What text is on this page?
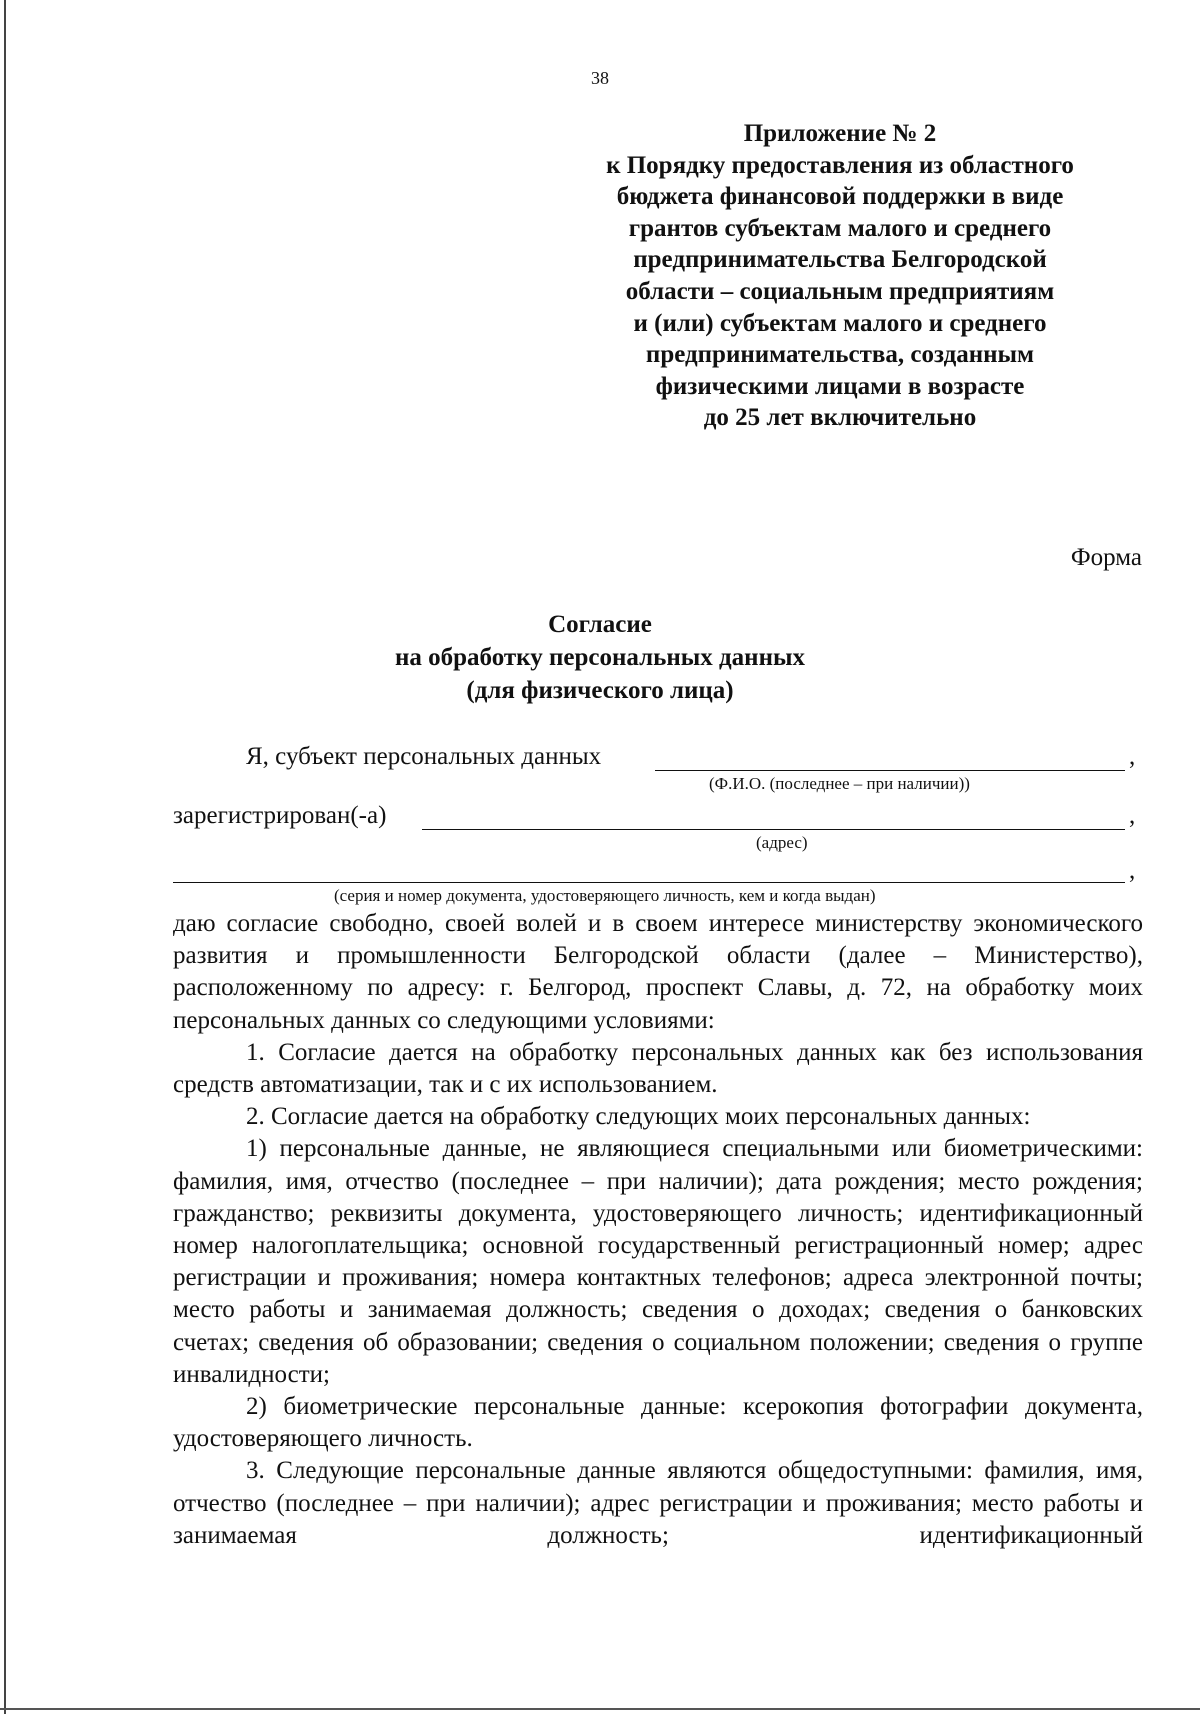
38
Приложение № 2
к Порядку предоставления из областного
бюджета финансовой поддержки в виде
грантов субъектам малого и среднего
предпринимательства Белгородской
области – социальным предприятиям
и (или) субъектам малого и среднего
предпринимательства, созданным
физическими лицами в возрасте
до 25 лет включительно
Форма
Согласие
на обработку персональных данных
(для физического лица)
Я, субъект персональных данных	,
(Ф.И.О. (последнее – при наличии))
зарегистрирован(-а)	,
(адрес)
,
(серия и номер документа, удостоверяющего личность, кем и когда выдан)

даю согласие свободно, своей волей и в своем интересе министерству экономического развития и промышленности Белгородской области (далее – Министерство), расположенному по адресу: г. Белгород, проспект Славы, д. 72, на обработку моих персональных данных со следующими условиями:

1. Согласие дается на обработку персональных данных как без использования средств автоматизации, так и с их использованием.

2. Согласие дается на обработку следующих моих персональных данных:

1) персональные данные, не являющиеся специальными или биометрическими: фамилия, имя, отчество (последнее – при наличии); дата рождения; место рождения; гражданство; реквизиты документа, удостоверяющего личность; идентификационный номер налогоплательщика; основной государственный регистрационный номер; адрес регистрации и проживания; номера контактных телефонов; адреса электронной почты; место работы и занимаемая должность; сведения о доходах; сведения о банковских счетах; сведения об образовании; сведения о социальном положении; сведения о группе инвалидности;

2) биометрические персональные данные: ксерокопия фотографии документа, удостоверяющего личность.

3. Следующие персональные данные являются общедоступными: фамилия, имя, отчество (последнее – при наличии); адрес регистрации и проживания; место работы и занимаемая должность; идентификационный
